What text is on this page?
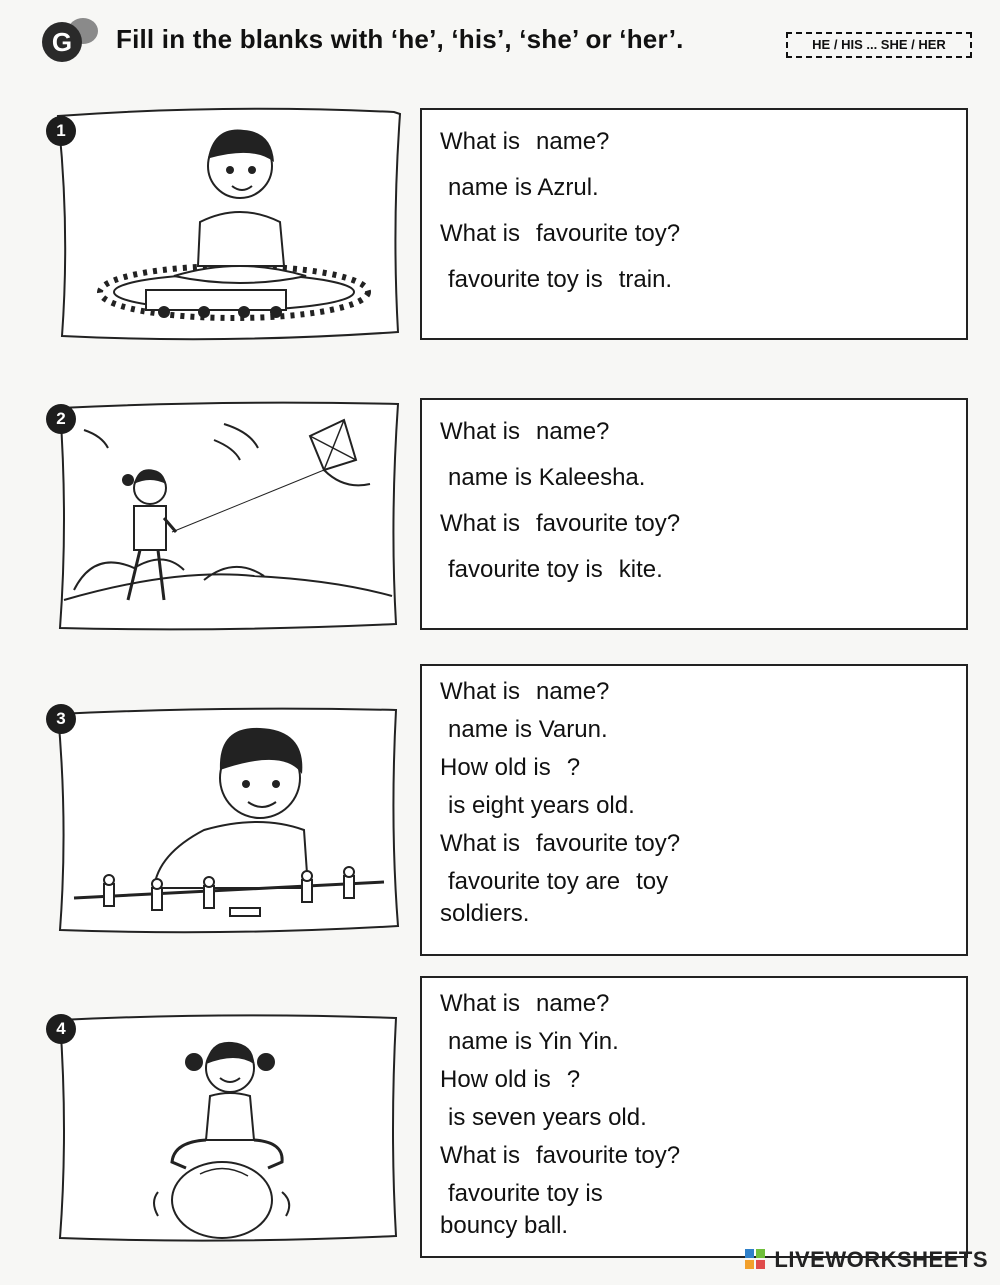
G	Fill in the blanks with ‘he’, ‘his’, ‘she’ or ‘her’.	HE / HIS ... SHE / HER
1	What is name?

name is Azrul.

What is favourite toy?

favourite toy is train.

2	What is name?

name is Kaleesha.

What is favourite toy?

favourite toy is kite.

3

What is name?

name is Varun.

How old is ?

is eight years old.

What is favourite toy?

favourite toy are toy

soldiers.

4

What is name?

name is Yin Yin.

How old is ?

is seven years old.

What is favourite toy?

favourite toy is

bouncy ball.

LIVEWORKSHEETS
